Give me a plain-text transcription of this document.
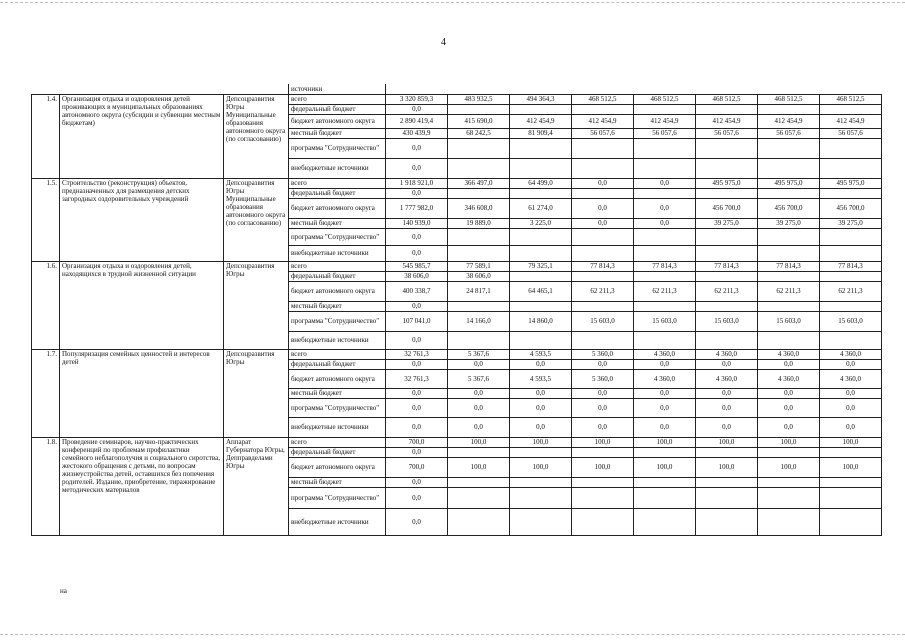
4
			источники								
1.4.	Организация отдыха и оздоровления детей проживающих в муниципальных образованиях автономного округа (субсидии и субвенции местным бюджетам)	Депсоцразвития Югры Муниципальные образования автономного округа (по согласованию)	всего	3 320 859,3	483 932,5	494 364,3	468 512,5	468 512,5	468 512,5	468 512,5	468 512,5
			федеральный бюджет	0,0							
			бюджет автономного округа	2 890 419,4	415 690,0	412 454,9	412 454,9	412 454,9	412 454,9	412 454,9	412 454,9
			местный бюджет	430 439,9	68 242,5	81 909,4	56 057,6	56 057,6	56 057,6	56 057,6	56 057,6
			программа "Сотрудничество"	0,0							
			внебюджетные источники	0,0							
1.5.	Строительство (реконструкция) объектов, предназначенных для размещения детских загородных оздоровительных учреждений	Депсоцразвития Югры Муниципальные образования автономного округа (по согласованию)	всего	1 918 921,0	366 497,0	64 499,0	0,0	0,0	495 975,0	495 975,0	495 975,0
			федеральный бюджет	0,0							
			бюджет автономного округа	1 777 982,0	346 608,0	61 274,0	0,0	0,0	456 700,0	456 700,0	456 700,0
			местный бюджет	140 939,0	19 889,0	3 225,0	0,0	0,0	39 275,0	39 275,0	39 275,0
			программа "Сотрудничество"	0,0							
			внебюджетные источники	0,0							
1.6.	Организация отдыха и оздоровления детей, находящихся в трудной жизненной ситуации	Депсоцразвития Югры	всего	545 985,7	77 589,1	79 325,1	77 814,3	77 814,3	77 814,3	77 814,3	77 814,3
			федеральный бюджет	38 606,0	38 606,0						
			бюджет автономного округа	400 338,7	24 817,1	64 465,1	62 211,3	62 211,3	62 211,3	62 211,3	62 211,3
			местный бюджет	0,0							
			программа "Сотрудничество"	107 041,0	14 166,0	14 860,0	15 603,0	15 603,0	15 603,0	15 603,0	15 603,0
			внебюджетные источники	0,0							
1.7.	Популяризация семейных ценностей и интересов детей	Депсоцразвития Югры	всего	32 761,3	5 367,6	4 593,5	5 360,0	4 360,0	4 360,0	4 360,0	4 360,0
			федеральный бюджет	0,0	0,0	0,0	0,0	0,0	0,0	0,0	0,0
			бюджет автономного округа	32 761,3	5 367,6	4 593,5	5 360,0	4 360,0	4 360,0	4 360,0	4 360,0
			местный бюджет	0,0	0,0	0,0	0,0	0,0	0,0	0,0	0,0
			программа "Сотрудничество"	0,0	0,0	0,0	0,0	0,0	0,0	0,0	0,0
			внебюджетные источники	0,0	0,0	0,0	0,0	0,0	0,0	0,0	0,0
1.8.	Проведение семинаров, научно-практических конференций по проблемам профилактики семейного неблагополучия и социального сиротства, жестокого обращения с детьми, по вопросам жизнеустройства детей, оставшихся без попечения родителей. Издание, приобретение, тиражирование методических материалов	Аппарат Губернатора Югры, Депправделами Югры	всего	700,0	100,0	100,0	100,0	100,0	100,0	100,0	100,0
			федеральный бюджет	0,0							
			бюджет автономного округа	700,0	100,0	100,0	100,0	100,0	100,0	100,0	100,0
			местный бюджет	0,0							
			программа "Сотрудничество"	0,0							
			внебюджетные источники	0,0							
на
